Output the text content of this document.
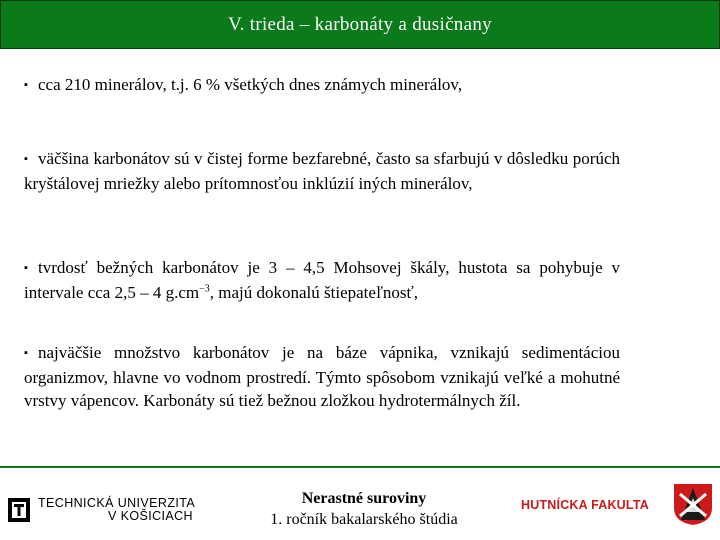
V. trieda – karbonáty a dusičnany
▪ cca 210 minerálov, t.j. 6 % všetkých dnes známych minerálov,
▪ väčšina karbonátov sú v čistej forme bezfarebné, často sa sfarbujú v dôsledku porúch kryštálovej mriežky alebo prítomnosťou inklúzií iných minerálov,
▪ tvrdosť bežných karbonátov je 3 – 4,5 Mohsovej škály, hustota sa pohybuje v intervale cca 2,5 – 4 $g.cm^{-3}$, majú dokonalú štiepateľnosť,
▪ najväčšie množstvo karbonátov je na báze vápnika, vznikajú sedimentáciou organizmov, hlavne vo vodnom prostredí. Týmto spôsobom vznikajú veľké a mohutné vrstvy vápencov. Karbonáty sú tiež bežnou zložkou hydrotermálnych žíl.
TECHNICKÁ UNIVERZITA
V KOŠICIACH
Nerastné suroviny
1. ročník bakalarského štúdia
HUTNÍCKA FAKULTA
